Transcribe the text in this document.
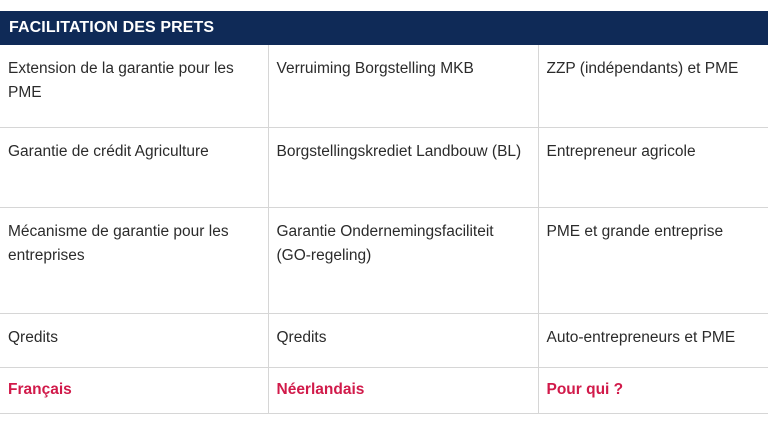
FACILITATION DES PRETS
Extension de la garantie pour les PME	Verruiming Borgstelling MKB	ZZP (indépendants) et PME
Garantie de crédit Agriculture	Borgstellingskrediet Landbouw (BL)	Entrepreneur agricole
Mécanisme de garantie pour les entreprises	Garantie Ondernemingsfaciliteit (GO-regeling)	PME et grande entreprise
Qredits	Qredits	Auto-entrepreneurs et PME
Français	Néerlandais	Pour qui ?
